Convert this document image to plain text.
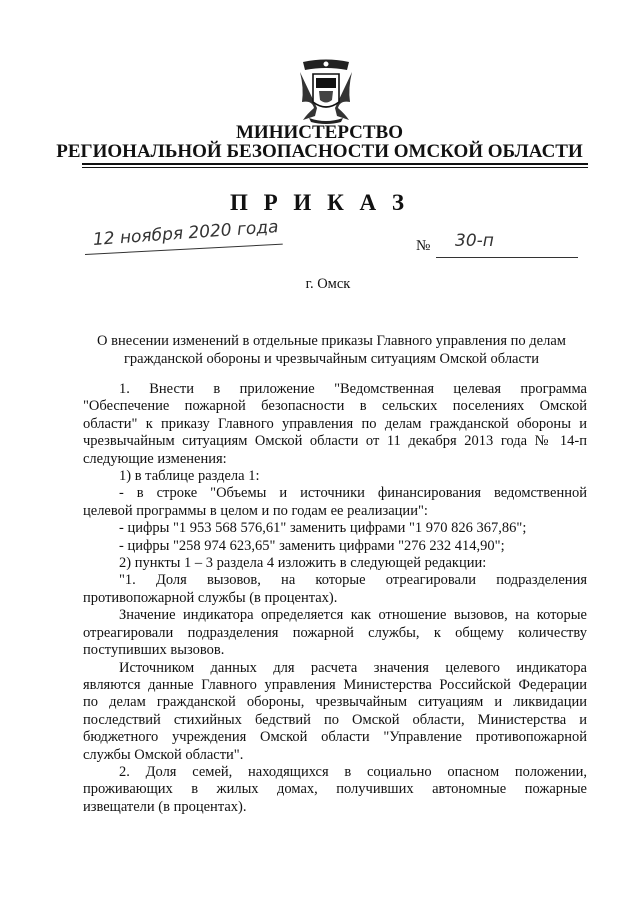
МИНИСТЕРСТВО
РЕГИОНАЛЬНОЙ БЕЗОПАСНОСТИ ОМСКОЙ ОБЛАСТИ
П Р И К А З
12 ноября 2020 года	№ 30-п
г. Омск
О внесении изменений в отдельные приказы Главного управления по делам
гражданской обороны и чрезвычайным ситуациям Омской области
1. Внести в приложение "Ведомственная целевая программа
"Обеспечение пожарной безопасности в сельских поселениях Омской
области" к приказу Главного управления по делам гражданской обороны и
чрезвычайным ситуациям Омской области от 11 декабря 2013 года № 14-п
следующие изменения:
1) в таблице раздела 1:
- в строке "Объемы и источники финансирования ведомственной
целевой программы в целом и по годам ее реализации":
- цифры "1 953 568 576,61" заменить цифрами "1 970 826 367,86";
- цифры "258 974 623,65" заменить цифрами "276 232 414,90";
2) пункты 1 – 3 раздела 4 изложить в следующей редакции:
"1. Доля вызовов, на которые отреагировали подразделения
противопожарной службы (в процентах).
Значение индикатора определяется как отношение вызовов, на которые
отреагировали подразделения пожарной службы, к общему количеству
поступивших вызовов.
Источником данных для расчета значения целевого индикатора
являются данные Главного управления Министерства Российской Федерации
по делам гражданской обороны, чрезвычайным ситуациям и ликвидации
последствий стихийных бедствий по Омской области, Министерства и
бюджетного учреждения Омской области "Управление противопожарной
службы Омской области".
2. Доля семей, находящихся в социально опасном положении,
проживающих в жилых домах, получивших автономные пожарные
извещатели (в процентах).
